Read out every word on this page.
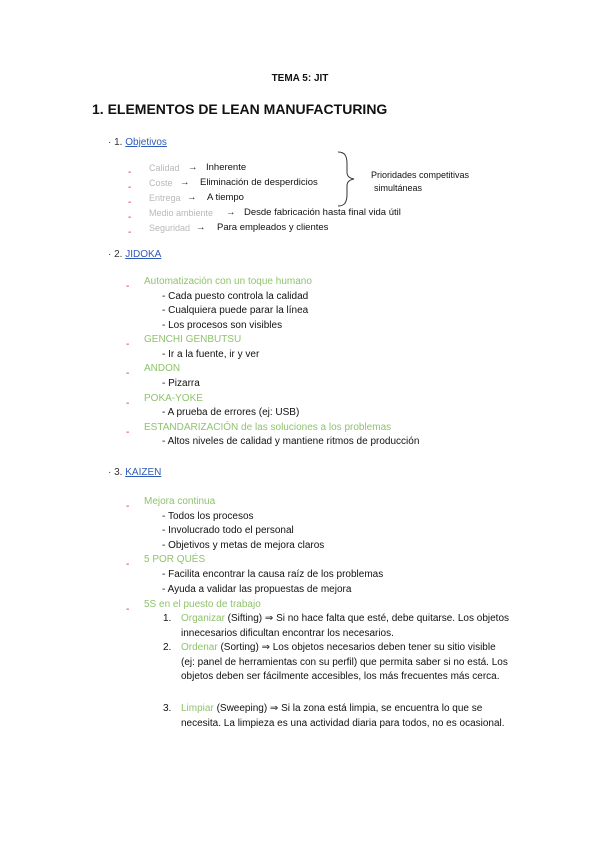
TEMA 5: JIT
1. ELEMENTOS DE LEAN MANUFACTURING
· 1. Objetivos
- Calidad → Inherente
- Coste → Eliminación de desperdicios
- Entrega → A tiempo
- Medio ambiente → Desde fabricación hasta final vida útil
- Seguridad → Para empleados y clientes
Prioridades competitivas
simultáneas
· 2. JIDOKA
- Automatización con un toque humano
- Cada puesto controla la calidad
- Cualquiera puede parar la línea
- Los procesos son visibles
- GENCHI GENBUTSU
- Ir a la fuente, ir y ver
- ANDON
- Pizarra
- POKA-YOKE
- A prueba de errores (ej: USB)
- ESTANDARIZACIÓN de las soluciones a los problemas
- Altos niveles de calidad y mantiene ritmos de producción
· 3. KAIZEN
- Mejora continua
- Todos los procesos
- Involucrado todo el personal
- Objetivos y metas de mejora claros
- 5 POR QUÉS
- Facilita encontrar la causa raíz de los problemas
- Ayuda a validar las propuestas de mejora
- 5S en el puesto de trabajo
1. Organizar (Sifting) ⇒ Si no hace falta que esté, debe quitarse. Los objetos innecesarios dificultan encontrar los necesarios.
2. Ordenar (Sorting) ⇒ Los objetos necesarios deben tener su sitio visible (ej: panel de herramientas con su perfil) que permita saber si no está. Los objetos deben ser fácilmente accesibles, los más frecuentes más cerca.
3. Limpiar (Sweeping) ⇒ Si la zona está limpia, se encuentra lo que se necesita. La limpieza es una actividad diaria para todos, no es ocasional.
